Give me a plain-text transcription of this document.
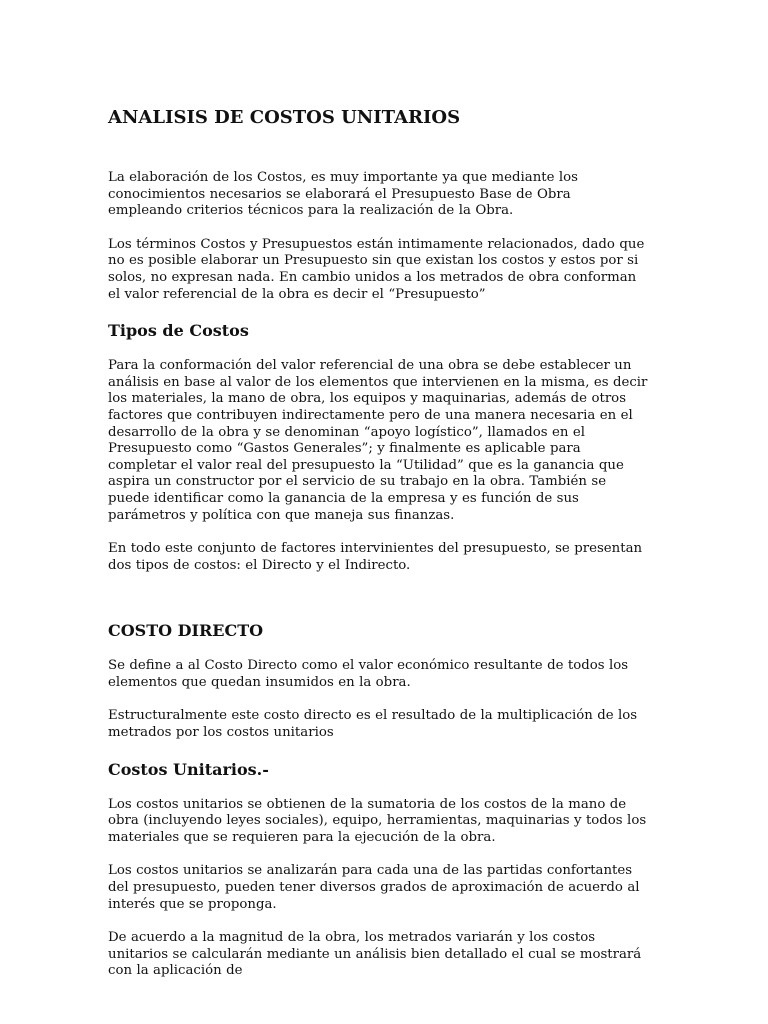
ANALISIS DE COSTOS UNITARIOS

La elaboración de los Costos, es muy importante ya que mediante los conocimientos necesarios se elaborará el Presupuesto Base de Obra empleando criterios técnicos para la realización de la Obra.

Los términos Costos y Presupuestos están intimamente relacionados, dado que no es posible elaborar un Presupuesto sin que existan los costos y estos por si solos, no expresan nada. En cambio unidos a los metrados de obra conforman el valor referencial de la obra es decir el “Presupuesto”

Tipos de Costos

Para la conformación del valor referencial de una obra se debe establecer un análisis en base al valor de los elementos que intervienen en la misma, es decir los materiales, la mano de obra, los equipos y maquinarias, además de otros factores que contribuyen indirectamente pero de una manera necesaria en el desarrollo de la obra y se denominan “apoyo logístico”, llamados en el Presupuesto como “Gastos Generales”; y finalmente es aplicable para completar el valor real del presupuesto la “Utilidad” que es la ganancia que aspira un constructor por el servicio de su trabajo en la obra. También se puede identificar como la ganancia de la empresa y es función de sus parámetros y política con que maneja sus finanzas.

En todo este conjunto de factores intervinientes del presupuesto, se presentan dos tipos de costos: el Directo y el Indirecto.

COSTO DIRECTO

Se define a al Costo Directo como el valor económico resultante de todos los elementos que quedan insumidos en la obra.

Estructuralmente este costo directo es el resultado de la multiplicación de los metrados por los costos unitarios

Costos Unitarios.-

Los costos unitarios se obtienen de la sumatoria de los costos de la mano de obra (incluyendo leyes sociales), equipo, herramientas, maquinarias y todos los materiales que se requieren para la ejecución de la obra.

Los costos unitarios se analizarán para cada una de las partidas confortantes del presupuesto, pueden tener diversos grados de aproximación de acuerdo al interés que se proponga.

De acuerdo a la magnitud de la obra, los metrados variarán y los costos unitarios se calcularán mediante un análisis bien detallado el cual se mostrará con la aplicación de
